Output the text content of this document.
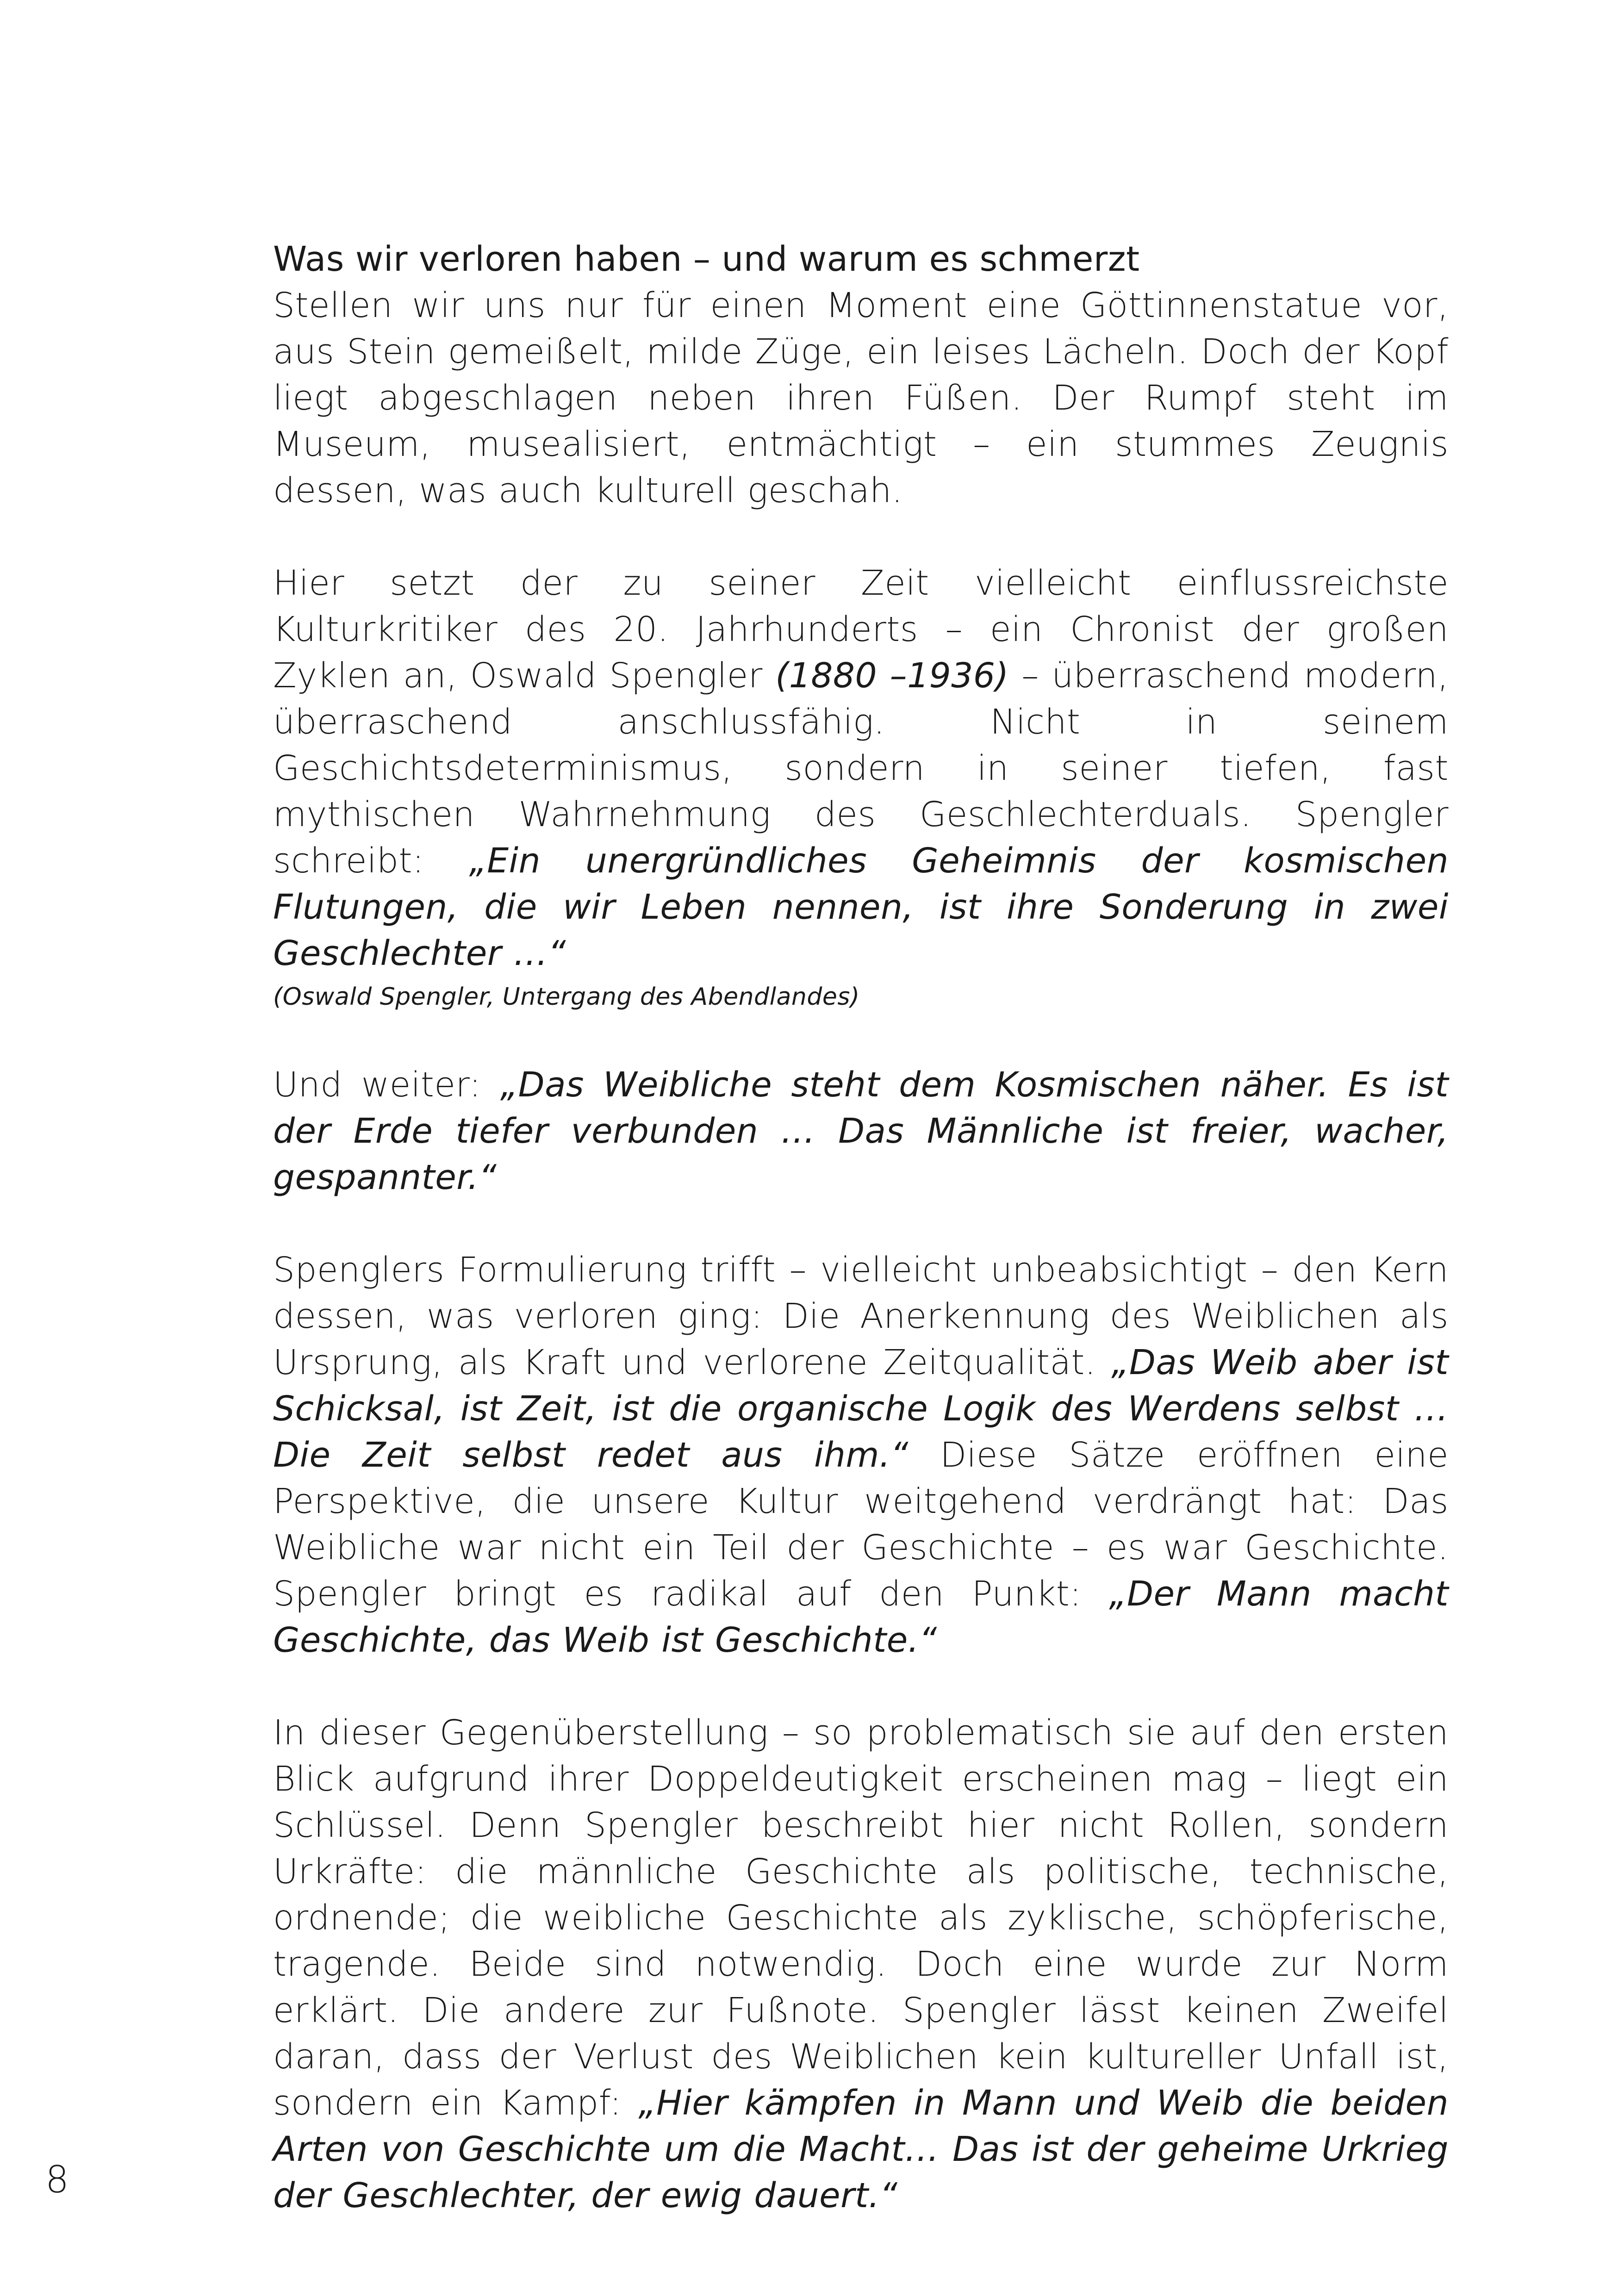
Was wir verloren haben – und warum es schmerzt

Stellen wir uns nur für einen Moment eine Göttinnenstatue vor, aus Stein gemeißelt, milde Züge, ein leises Lächeln. Doch der Kopf liegt abgeschlagen neben ihren Füßen. Der Rumpf steht im Museum, musealisiert, entmächtigt – ein stummes Zeugnis dessen, was auch kulturell geschah.

Hier setzt der zu seiner Zeit vielleicht einflussreichste Kulturkritiker des 20. Jahrhunderts – ein Chronist der großen Zyklen an, Oswald Spengler (1880 –1936) – überraschend modern, überraschend anschlussfähig. Nicht in seinem Geschichtsdeterminismus, sondern in seiner tiefen, fast mythischen Wahrnehmung des Geschlechterduals. Spengler schreibt: „Ein unergründliches Geheimnis der kosmischen Flutungen, die wir Leben nennen, ist ihre Sonderung in zwei Geschlechter …“

(Oswald Spengler, Untergang des Abendlandes)

Und weiter: „Das Weibliche steht dem Kosmischen näher. Es ist der Erde tiefer verbunden … Das Männliche ist freier, wacher, gespannter.“

Spenglers Formulierung trifft – vielleicht unbeabsichtigt – den Kern dessen, was verloren ging: Die Anerkennung des Weiblichen als Ursprung, als Kraft und verlorene Zeitqualität. „Das Weib aber ist Schicksal, ist Zeit, ist die organische Logik des Werdens selbst … Die Zeit selbst redet aus ihm.“ Diese Sätze eröffnen eine Perspektive, die unsere Kultur weitgehend verdrängt hat: Das Weibliche war nicht ein Teil der Geschichte – es war Geschichte. Spengler bringt es radikal auf den Punkt: „Der Mann macht Geschichte, das Weib ist Geschichte.“

In dieser Gegenüberstellung – so problematisch sie auf den ersten Blick aufgrund ihrer Doppeldeutigkeit erscheinen mag – liegt ein Schlüssel. Denn Spengler beschreibt hier nicht Rollen, sondern Urkräfte: die männliche Geschichte als politische, technische, ordnende; die weibliche Geschichte als zyklische, schöpferische, tragende. Beide sind notwendig. Doch eine wurde zur Norm erklärt. Die andere zur Fußnote. Spengler lässt keinen Zweifel daran, dass der Verlust des Weiblichen kein kultureller Unfall ist, sondern ein Kampf: „Hier kämpfen in Mann und Weib die beiden Arten von Geschichte um die Macht… Das ist der geheime Urkrieg der Geschlechter, der ewig dauert.“

8
